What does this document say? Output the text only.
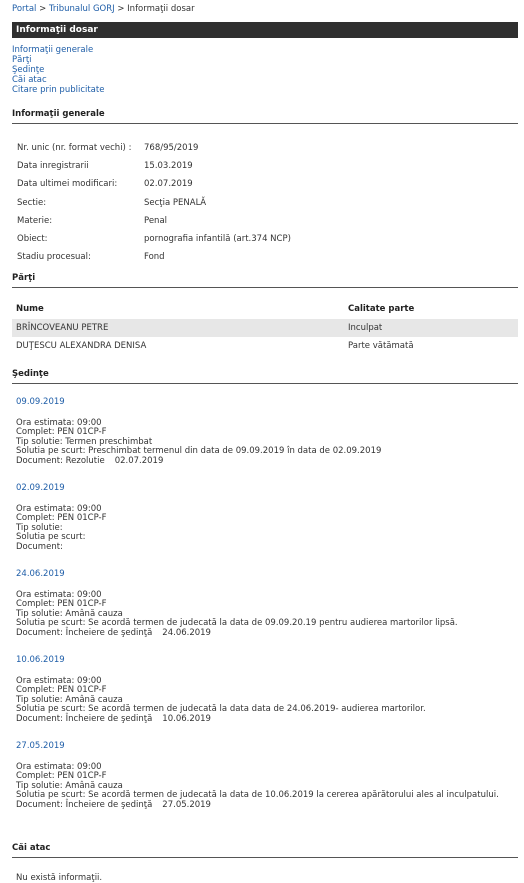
Portal > Tribunalul GORJ > Informaţii dosar
Informaţii dosar
Informaţii generale
Părţi
Şedinţe
Căi atac
Citare prin publicitate
Informaţii generale
Nr. unic (nr. format vechi) :	768/95/2019
Data inregistrarii	15.03.2019
Data ultimei modificari:	02.07.2019
Sectie:	Secţia PENALĂ
Materie:	Penal
Obiect:	pornografia infantilă (art.374 NCP)
Stadiu procesual:	Fond
Părţi
Nume	Calitate parte
BRÎNCOVEANU PETRE	Inculpat
DUŢESCU ALEXANDRA DENISA	Parte vătămată
Şedinţe
09.09.2019
Ora estimata: 09:00
Complet: PEN 01CP-F
Tip solutie: Termen preschimbat
Solutia pe scurt: Preschimbat termenul din data de 09.09.2019 în data de 02.09.2019
Document: Rezolutie 02.07.2019
02.09.2019
Ora estimata: 09:00
Complet: PEN 01CP-F
Tip solutie:
Solutia pe scurt:
Document:
24.06.2019
Ora estimata: 09:00
Complet: PEN 01CP-F
Tip solutie: Amână cauza
Solutia pe scurt: Se acordă termen de judecată la data de 09.09.20.19 pentru audierea martorilor lipsă.
Document: Încheiere de şedinţă 24.06.2019
10.06.2019
Ora estimata: 09:00
Complet: PEN 01CP-F
Tip solutie: Amână cauza
Solutia pe scurt: Se acordă termen de judecată la data data de 24.06.2019- audierea martorilor.
Document: Încheiere de şedinţă 10.06.2019
27.05.2019
Ora estimata: 09:00
Complet: PEN 01CP-F
Tip solutie: Amână cauza
Solutia pe scurt: Se acordă termen de judecată la data de 10.06.2019 la cererea apărătorului ales al inculpatului.
Document: Încheiere de şedinţă 27.05.2019
Căi atac
Nu există informaţii.
